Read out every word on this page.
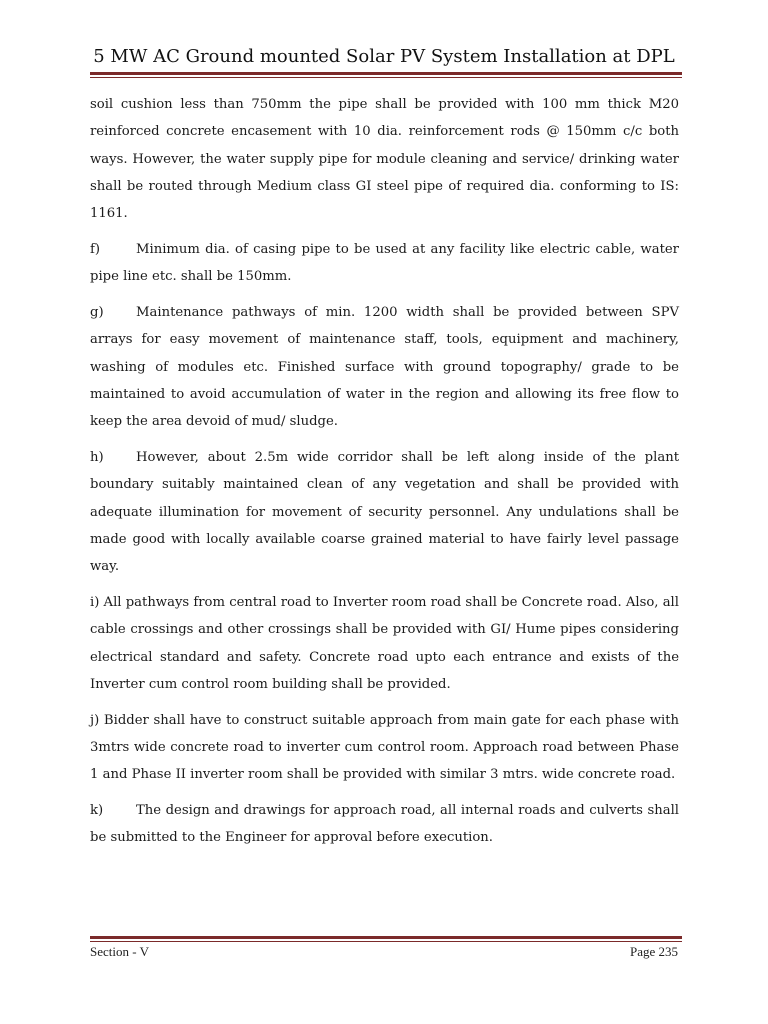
5 MW AC Ground mounted Solar PV System Installation at DPL

soil cushion less than 750mm the pipe shall be provided with 100 mm thick M20 reinforced concrete encasement with 10 dia. reinforcement rods @ 150mm c/c both ways. However, the water supply pipe for module cleaning and service/ drinking water shall be routed through Medium class GI steel pipe of required dia. conforming to IS: 1161.

f)	Minimum dia. of casing pipe to be used at any facility like electric cable, water pipe line etc. shall be 150mm.

g) Maintenance pathways of min. 1200 width shall be provided between SPV arrays for easy movement of maintenance staff, tools, equipment and machinery, washing of modules etc. Finished surface with ground topography/ grade to be maintained to avoid accumulation of water in the region and allowing its free flow to keep the area devoid of mud/ sludge.

h) However, about 2.5m wide corridor shall be left along inside of the plant boundary suitably maintained clean of any vegetation and shall be provided with adequate illumination for movement of security personnel. Any undulations shall be made good with locally available coarse grained material to have fairly level passage way.

i) All pathways from central road to Inverter room road shall be Concrete road. Also, all cable crossings and other crossings shall be provided with GI/ Hume pipes considering electrical standard and safety. Concrete road upto each entrance and exists of the Inverter cum control room building shall be provided.

j) Bidder shall have to construct suitable approach from main gate for each phase with 3mtrs wide concrete road to inverter cum control room. Approach road between Phase 1 and Phase II inverter room shall be provided with similar 3 mtrs. wide concrete road.

k) The design and drawings for approach road, all internal roads and culverts shall be submitted to the Engineer for approval before execution.

Section - V	Page 235
